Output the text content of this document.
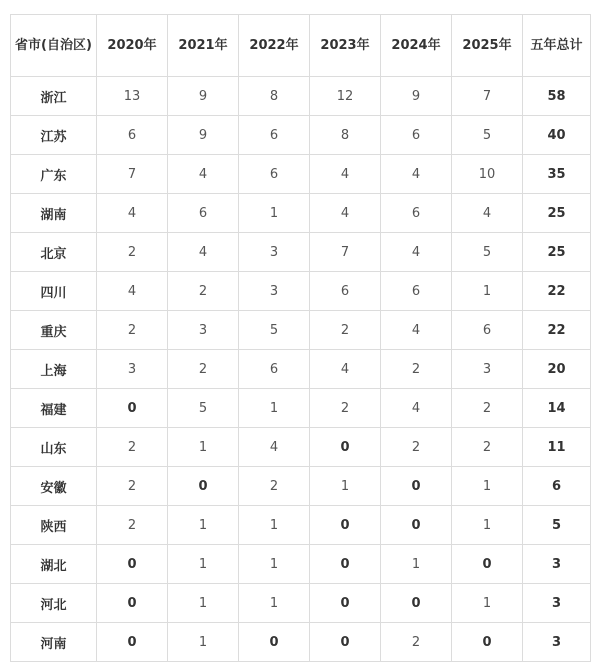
省市(自治区)	2020年	2021年	2022年	2023年	2024年	2025年	五年总计
浙江	13	9	8	12	9	7	58
江苏	6	9	6	8	6	5	40
广东	7	4	6	4	4	10	35
湖南	4	6	1	4	6	4	25
北京	2	4	3	7	4	5	25
四川	4	2	3	6	6	1	22
重庆	2	3	5	2	4	6	22
上海	3	2	6	4	2	3	20
福建	0	5	1	2	4	2	14
山东	2	1	4	0	2	2	11
安徽	2	0	2	1	0	1	6
陕西	2	1	1	0	0	1	5
湖北	0	1	1	0	1	0	3
河北	0	1	1	0	0	1	3
河南	0	1	0	0	2	0	3
